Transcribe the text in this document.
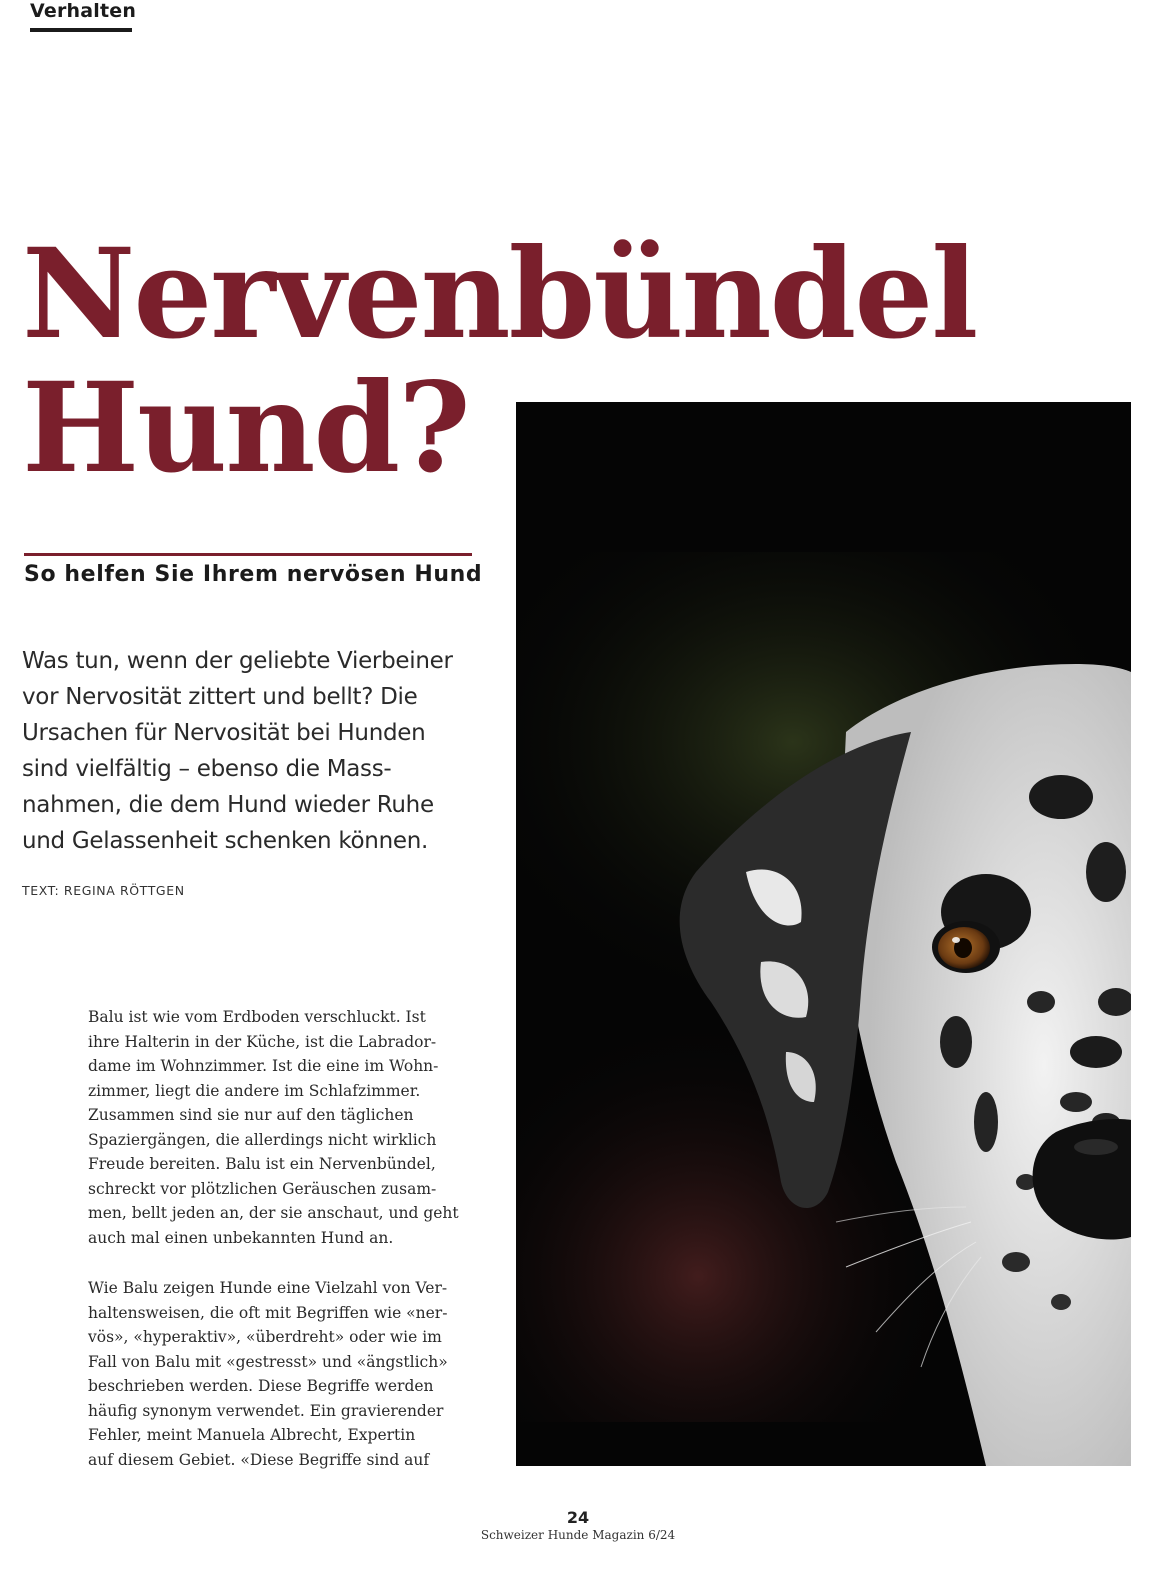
Verhalten
Nervenbündel
Hund?
So helfen Sie Ihrem nervösen Hund
Was tun, wenn der geliebte Vierbeiner
vor Nervosität zittert und bellt? Die
Ursachen für Nervosität bei Hunden
sind vielfältig – ebenso die Mass-
nahmen, die dem Hund wieder Ruhe
und Gelassenheit schenken können.
TEXT: REGINA RÖTTGEN
Balu ist wie vom Erdboden verschluckt. Ist
ihre Halterin in der Küche, ist die Labrador-
dame im Wohnzimmer. Ist die eine im Wohn-
zimmer, liegt die andere im Schlafzimmer.
Zusammen sind sie nur auf den täglichen
Spaziergängen, die allerdings nicht wirklich
Freude bereiten. Balu ist ein Nervenbündel,
schreckt vor plötzlichen Geräuschen zusam-
men, bellt jeden an, der sie anschaut, und geht
auch mal einen unbekannten Hund an.
Wie Balu zeigen Hunde eine Vielzahl von Ver-
haltensweisen, die oft mit Begriffen wie «ner-
vös», «hyperaktiv», «überdreht» oder wie im
Fall von Balu mit «gestresst» und «ängstlich»
beschrieben werden. Diese Begriffe werden
häufig synonym verwendet. Ein gravierender
Fehler, meint Manuela Albrecht, Expertin
auf diesem Gebiet. «Diese Begriffe sind auf
24
Schweizer Hunde Magazin 6/24
